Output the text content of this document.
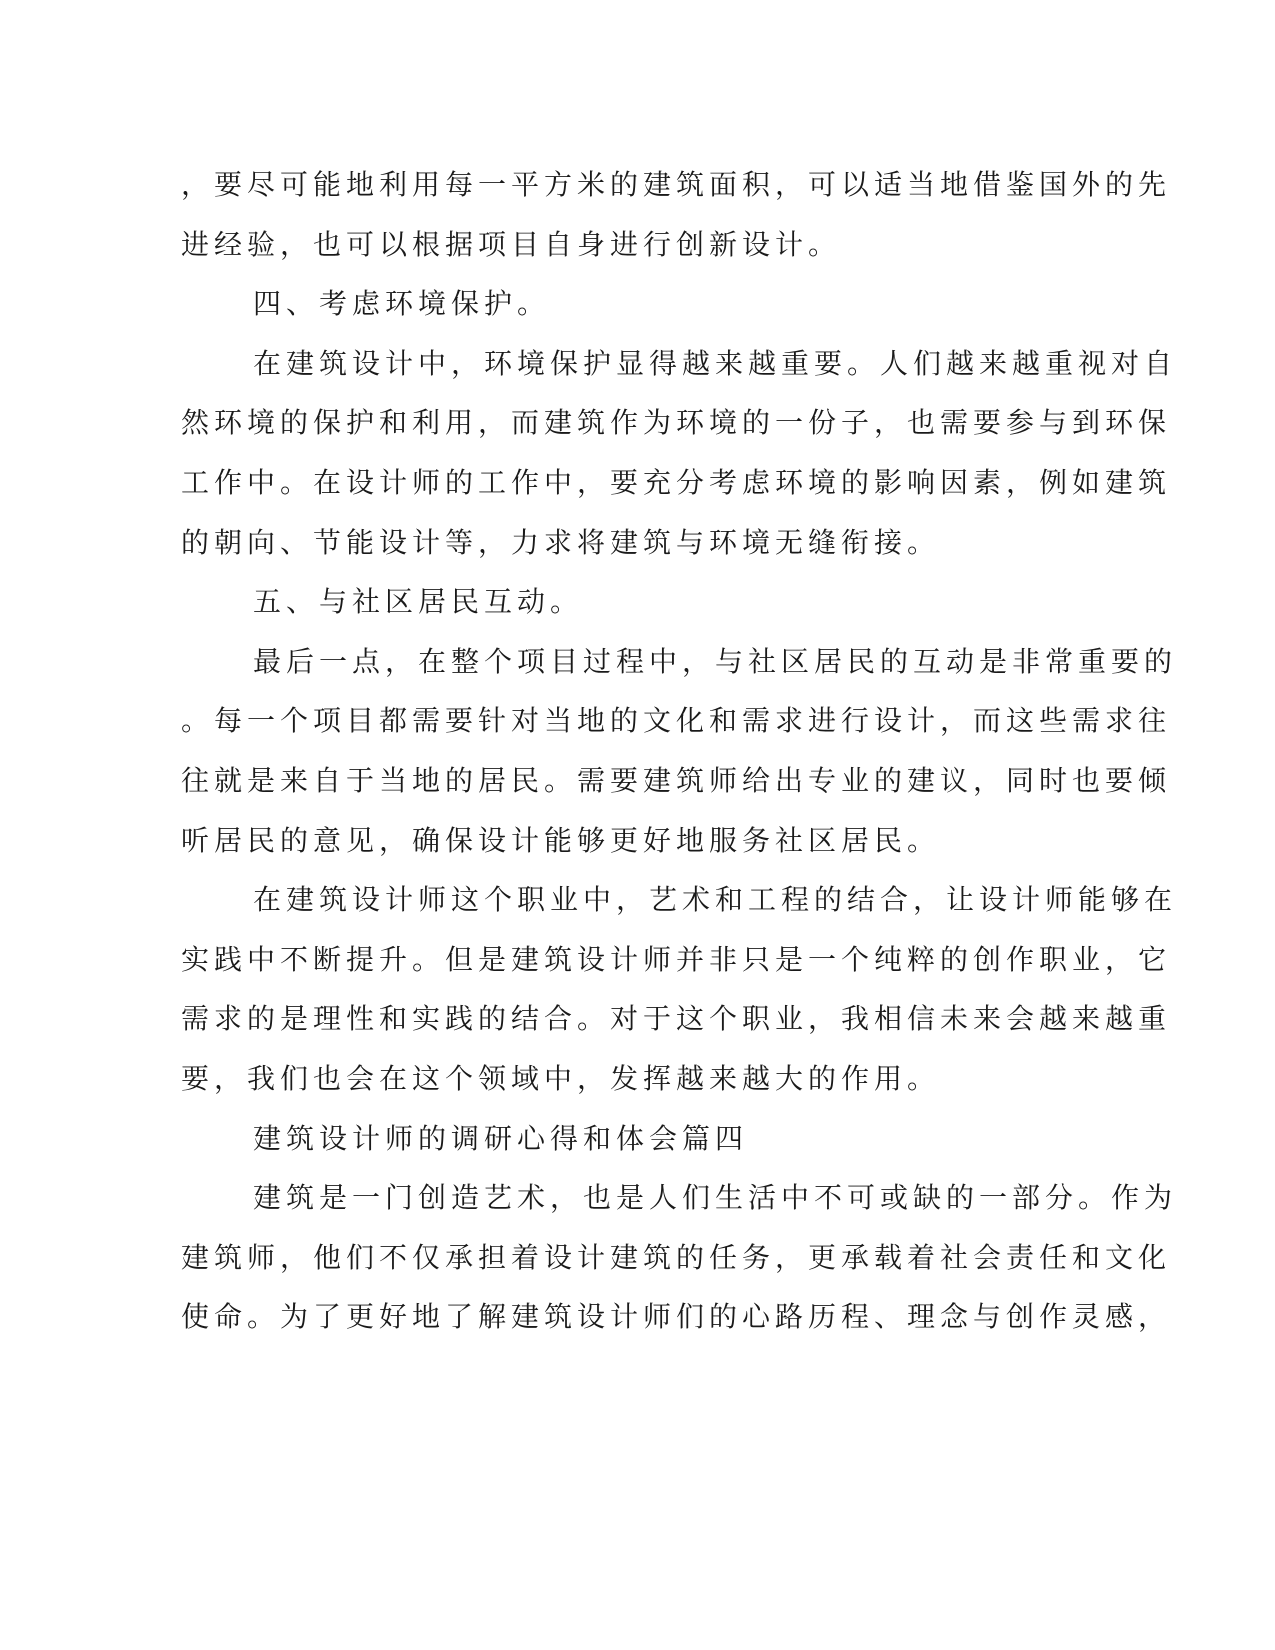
，要尽可能地利用每一平方米的建筑面积，可以适当地借鉴国外的先
进经验，也可以根据项目自身进行创新设计。
四、考虑环境保护。
在建筑设计中，环境保护显得越来越重要。人们越来越重视对自
然环境的保护和利用，而建筑作为环境的一份子，也需要参与到环保
工作中。在设计师的工作中，要充分考虑环境的影响因素，例如建筑
的朝向、节能设计等，力求将建筑与环境无缝衔接。
五、与社区居民互动。
最后一点，在整个项目过程中，与社区居民的互动是非常重要的
。每一个项目都需要针对当地的文化和需求进行设计，而这些需求往
往就是来自于当地的居民。需要建筑师给出专业的建议，同时也要倾
听居民的意见，确保设计能够更好地服务社区居民。
在建筑设计师这个职业中，艺术和工程的结合，让设计师能够在
实践中不断提升。但是建筑设计师并非只是一个纯粹的创作职业，它
需求的是理性和实践的结合。对于这个职业，我相信未来会越来越重
要，我们也会在这个领域中，发挥越来越大的作用。
建筑设计师的调研心得和体会篇四
建筑是一门创造艺术，也是人们生活中不可或缺的一部分。作为
建筑师，他们不仅承担着设计建筑的任务，更承载着社会责任和文化
使命。为了更好地了解建筑设计师们的心路历程、理念与创作灵感，
